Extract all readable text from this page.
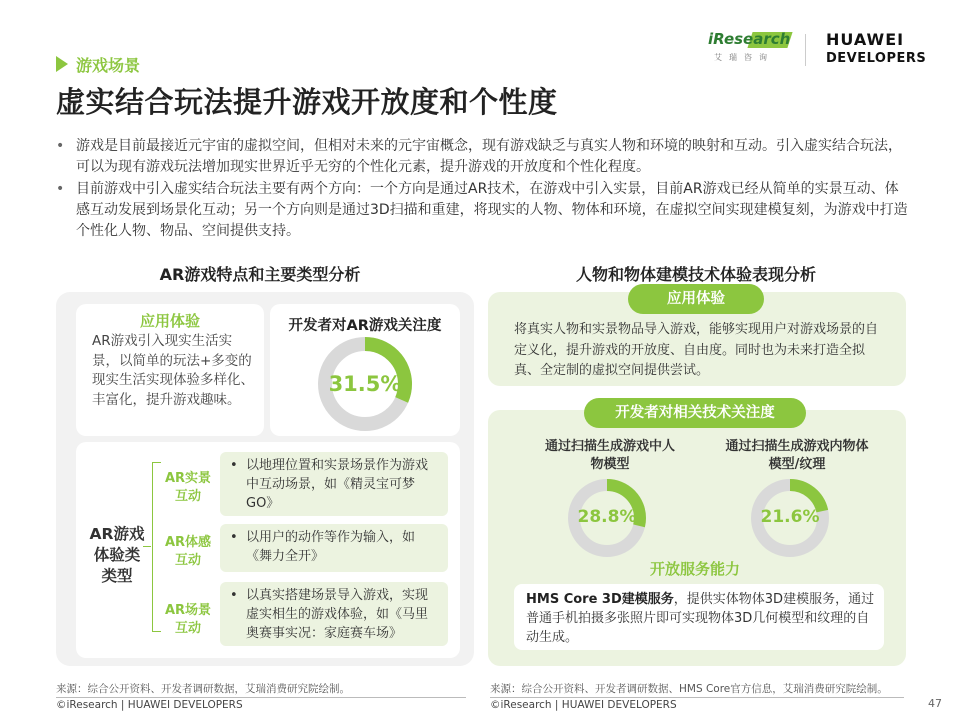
游戏场景
虚实结合玩法提升游戏开放度和个性度
iResearch
艾瑞咨询
HUAWEI
DEVELOPERS
• 游戏是目前最接近元宇宙的虚拟空间，但相对未来的元宇宙概念，现有游戏缺乏与真实人物和环境的映射和互动。引入虚实结合玩法，可以为现有游戏玩法增加现实世界近乎无穷的个性化元素，提升游戏的开放度和个性化程度。
• 目前游戏中引入虚实结合玩法主要有两个方向：一个方向是通过AR技术，在游戏中引入实景，目前AR游戏已经从简单的实景互动、体感互动发展到场景化互动；另一个方向则是通过3D扫描和重建，将现实的人物、物体和环境，在虚拟空间实现建模复刻，为游戏中打造个性化人物、物品、空间提供支持。
AR游戏特点和主要类型分析	人物和物体建模技术体验表现分析
应用体验
AR游戏引入现实生活实景，以简单的玩法+多变的现实生活实现体验多样化、丰富化，提升游戏趣味。
开发者对AR游戏关注度
31.5%
AR游戏体验类类型
AR实景互动
• 以地理位置和实景场景作为游戏中互动场景，如《精灵宝可梦 GO》
AR体感互动
• 以用户的动作等作为输入，如《舞力全开》
AR场景互动
• 以真实搭建场景导入游戏，实现虚实相生的游戏体验，如《马里奥赛事实况：家庭赛车场》
应用体验
将真实人物和实景物品导入游戏，能够实现用户对游戏场景的自定义化，提升游戏的开放度、自由度。同时也为未来打造全拟真、全定制的虚拟空间提供尝试。
开发者对相关技术关注度
通过扫描生成游戏中人物模型
28.8%
通过扫描生成游戏内物体模型/纹理
21.6%
开放服务能力
HMS Core 3D建模服务，提供实体物体3D建模服务，通过普通手机拍摄多张照片即可实现物体3D几何模型和纹理的自动生成。
来源：综合公开资料、开发者调研数据，艾瑞消费研究院绘制。	来源：综合公开资料、开发者调研数据、HMS Core官方信息，艾瑞消费研究院绘制。
©iResearch | HUAWEI DEVELOPERS	©iResearch | HUAWEI DEVELOPERS	47
